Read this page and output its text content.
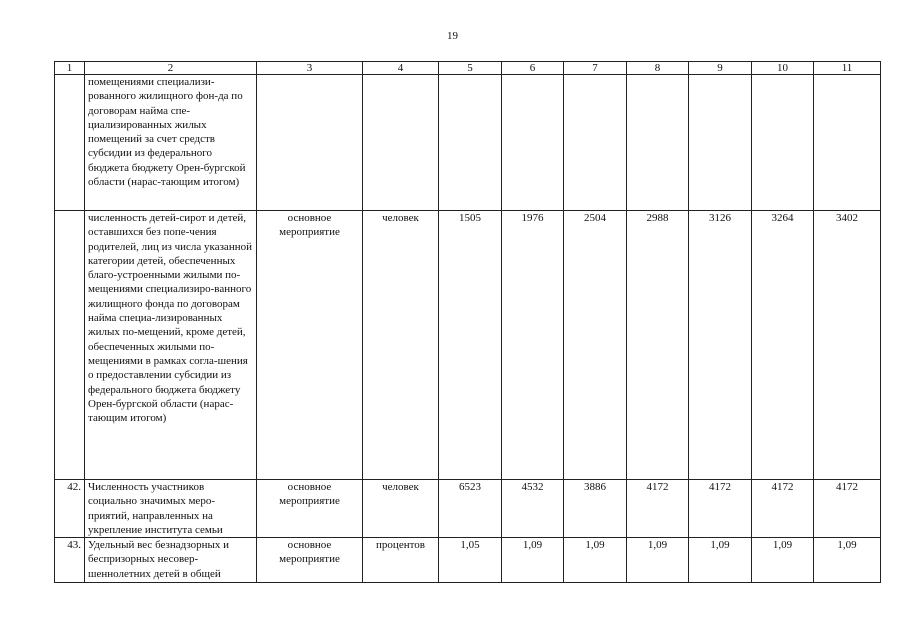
19
1	2	3	4	5	6	7	8	9	10	11
	помещениями специализи-рованного жилищного фон-да по договорам найма спе-циализированных жилых помещений за счет средств субсидии из федерального бюджета бюджету Орен-бургской области (нарас-тающим итогом)									
	численность детей-сирот и детей, оставшихся без попе-чения родителей, лиц из числа указанной категории детей, обеспеченных благо-устроенными жилыми по-мещениями специализиро-ванного жилищного фонда по договорам найма специа-лизированных жилых по-мещений, кроме детей, обеспеченных жилыми по-мещениями в рамках согла-шения о предоставлении субсидии из федерального бюджета бюджету Орен-бургской области (нарас-тающим итогом)	основное мероприятие	человек	1505	1976	2504	2988	3126	3264	3402
42.	Численность участников социально значимых меро-приятий, направленных на укрепление института семьи	основное мероприятие	человек	6523	4532	3886	4172	4172	4172	4172
43.	Удельный вес безнадзорных и беспризорных несовер-шеннолетних детей в общей	основное мероприятие	процентов	1,05	1,09	1,09	1,09	1,09	1,09	1,09
